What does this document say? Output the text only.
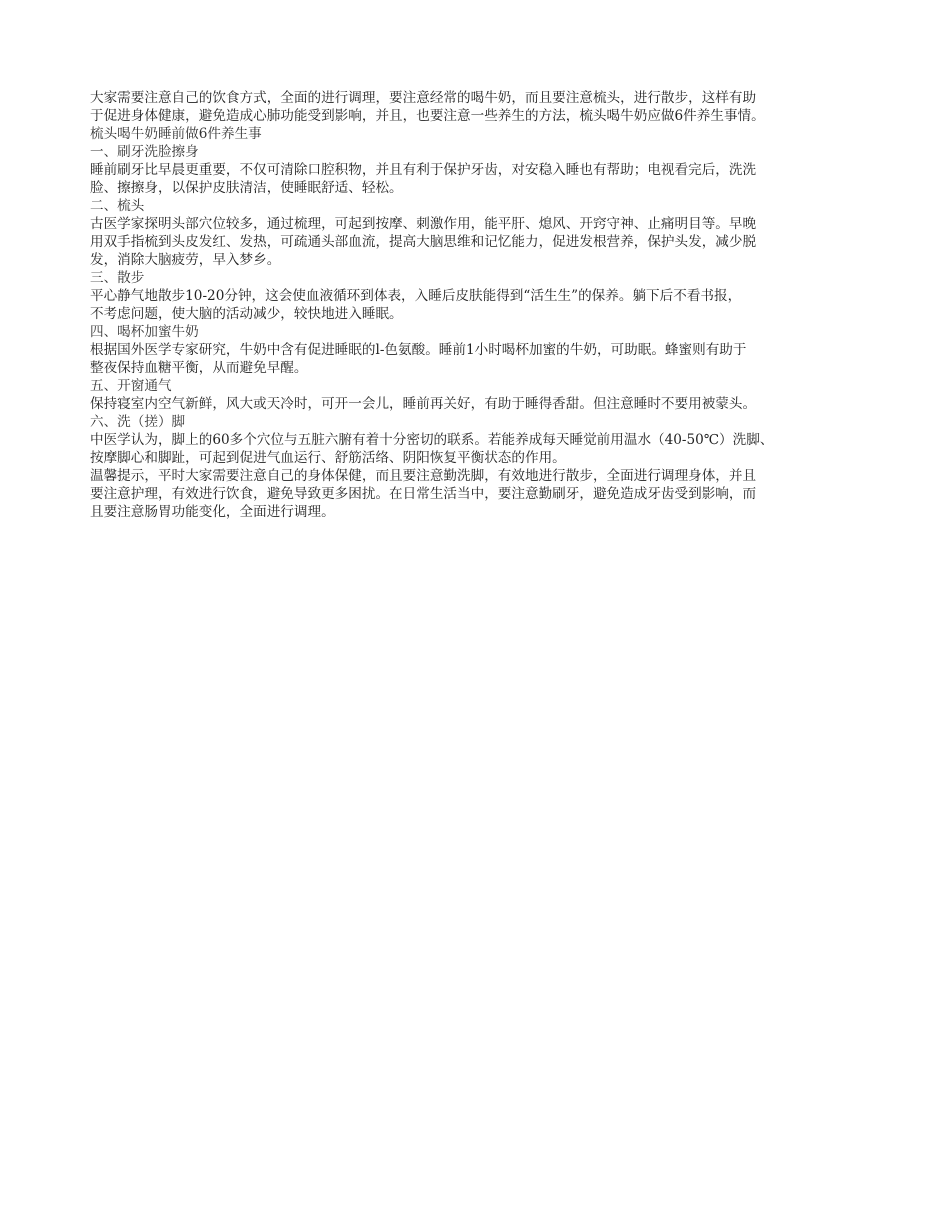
大家需要注意自己的饮食方式，全面的进行调理，要注意经常的喝牛奶，而且要注意梳头，进行散步，这样有助
于促进身体健康，避免造成心肺功能受到影响，并且，也要注意一些养生的方法，梳头喝牛奶应做6件养生事情。

梳头喝牛奶睡前做6件养生事

一、刷牙洗脸擦身

睡前刷牙比早晨更重要，不仅可清除口腔积物，并且有利于保护牙齿，对安稳入睡也有帮助；电视看完后，洗洗
脸、擦擦身，以保护皮肤清洁，使睡眠舒适、轻松。

二、梳头

古医学家探明头部穴位较多，通过梳理，可起到按摩、刺激作用，能平肝、熄风、开窍守神、止痛明目等。早晚
用双手指梳到头皮发红、发热，可疏通头部血流，提高大脑思维和记忆能力，促进发根营养，保护头发，减少脱
发，消除大脑疲劳，早入梦乡。

三、散步

平心静气地散步10-20分钟，这会使血液循环到体表，入睡后皮肤能得到“活生生”的保养。躺下后不看书报，
不考虑问题，使大脑的活动减少，较快地进入睡眠。

四、喝杯加蜜牛奶

根据国外医学专家研究，牛奶中含有促进睡眠的l-色氨酸。睡前1小时喝杯加蜜的牛奶，可助眠。蜂蜜则有助于
整夜保持血糖平衡，从而避免早醒。

五、开窗通气

保持寝室内空气新鲜，风大或天冷时，可开一会儿，睡前再关好，有助于睡得香甜。但注意睡时不要用被蒙头。

六、洗（搓）脚

中医学认为，脚上的60多个穴位与五脏六腑有着十分密切的联系。若能养成每天睡觉前用温水（40-50℃）洗脚、
按摩脚心和脚趾，可起到促进气血运行、舒筋活络、阴阳恢复平衡状态的作用。

温馨提示，平时大家需要注意自己的身体保健，而且要注意勤洗脚，有效地进行散步，全面进行调理身体，并且
要注意护理，有效进行饮食，避免导致更多困扰。在日常生活当中，要注意勤刷牙，避免造成牙齿受到影响，而
且要注意肠胃功能变化，全面进行调理。
